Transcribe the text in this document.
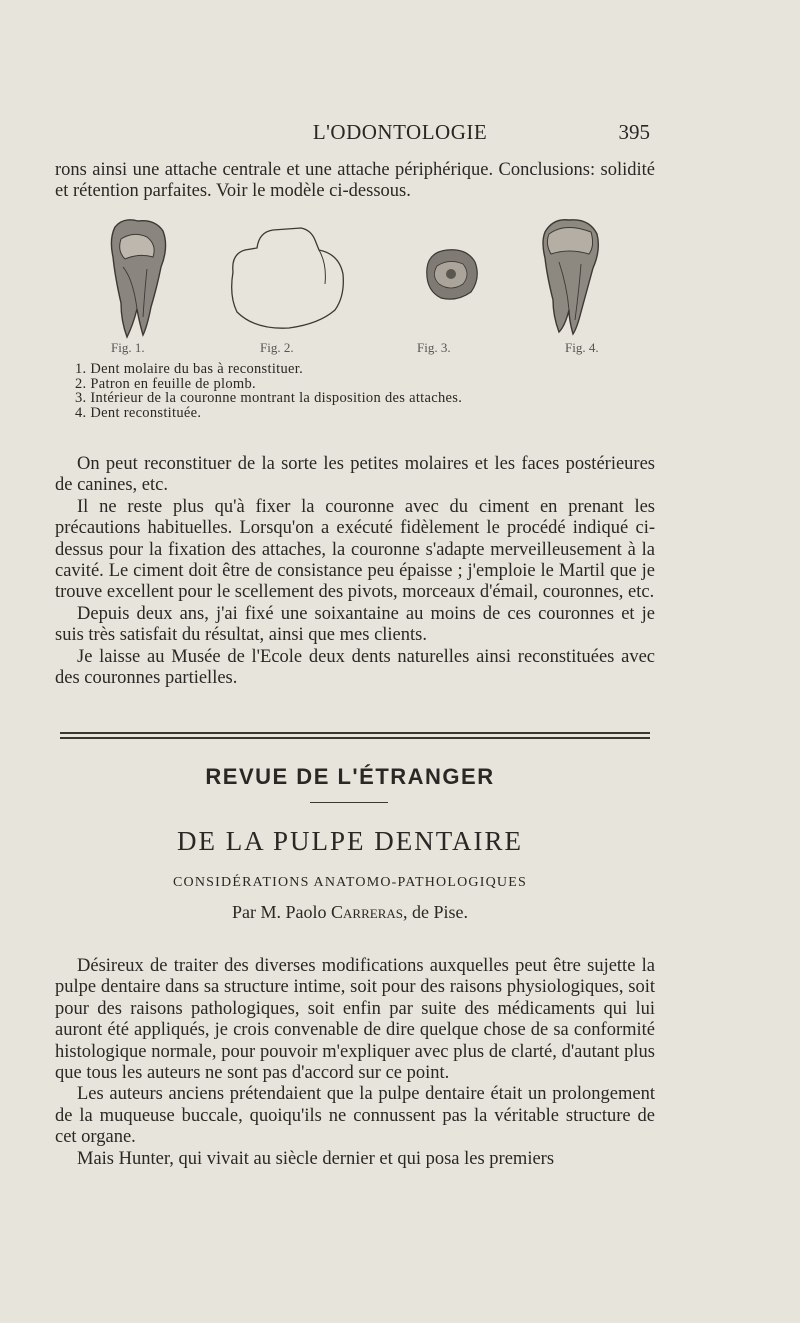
L'ODONTOLOGIE	395

rons ainsi une attache centrale et une attache périphérique. Conclusions: solidité et rétention parfaites. Voir le modèle ci-dessous.

Fig. 1.	Fig. 2.	Fig. 3.	Fig. 4.
1. Dent molaire du bas à reconstituer.
2. Patron en feuille de plomb.
3. Intérieur de la couronne montrant la disposition des attaches.
4. Dent reconstituée.

On peut reconstituer de la sorte les petites molaires et les faces postérieures de canines, etc.

Il ne reste plus qu'à fixer la couronne avec du ciment en prenant les précautions habituelles. Lorsqu'on a exécuté fidèlement le procédé indiqué ci-dessus pour la fixation des attaches, la couronne s'adapte merveilleusement à la cavité. Le ciment doit être de consistance peu épaisse ; j'emploie le Martil que je trouve excellent pour le scellement des pivots, morceaux d'émail, couronnes, etc.

Depuis deux ans, j'ai fixé une soixantaine au moins de ces couronnes et je suis très satisfait du résultat, ainsi que mes clients.

Je laisse au Musée de l'Ecole deux dents naturelles ainsi reconstituées avec des couronnes partielles.

REVUE DE L'ÉTRANGER
DE LA PULPE DENTAIRE
CONSIDÉRATIONS ANATOMO-PATHOLOGIQUES
Par M. Paolo Carreras, de Pise.

Désireux de traiter des diverses modifications auxquelles peut être sujette la pulpe dentaire dans sa structure intime, soit pour des raisons physiologiques, soit pour des raisons pathologiques, soit enfin par suite des médicaments qui lui auront été appliqués, je crois convenable de dire quelque chose de sa conformité histologique normale, pour pouvoir m'expliquer avec plus de clarté, d'autant plus que tous les auteurs ne sont pas d'accord sur ce point.

Les auteurs anciens prétendaient que la pulpe dentaire était un prolongement de la muqueuse buccale, quoiqu'ils ne connussent pas la véritable structure de cet organe.

Mais Hunter, qui vivait au siècle dernier et qui posa les premiers
